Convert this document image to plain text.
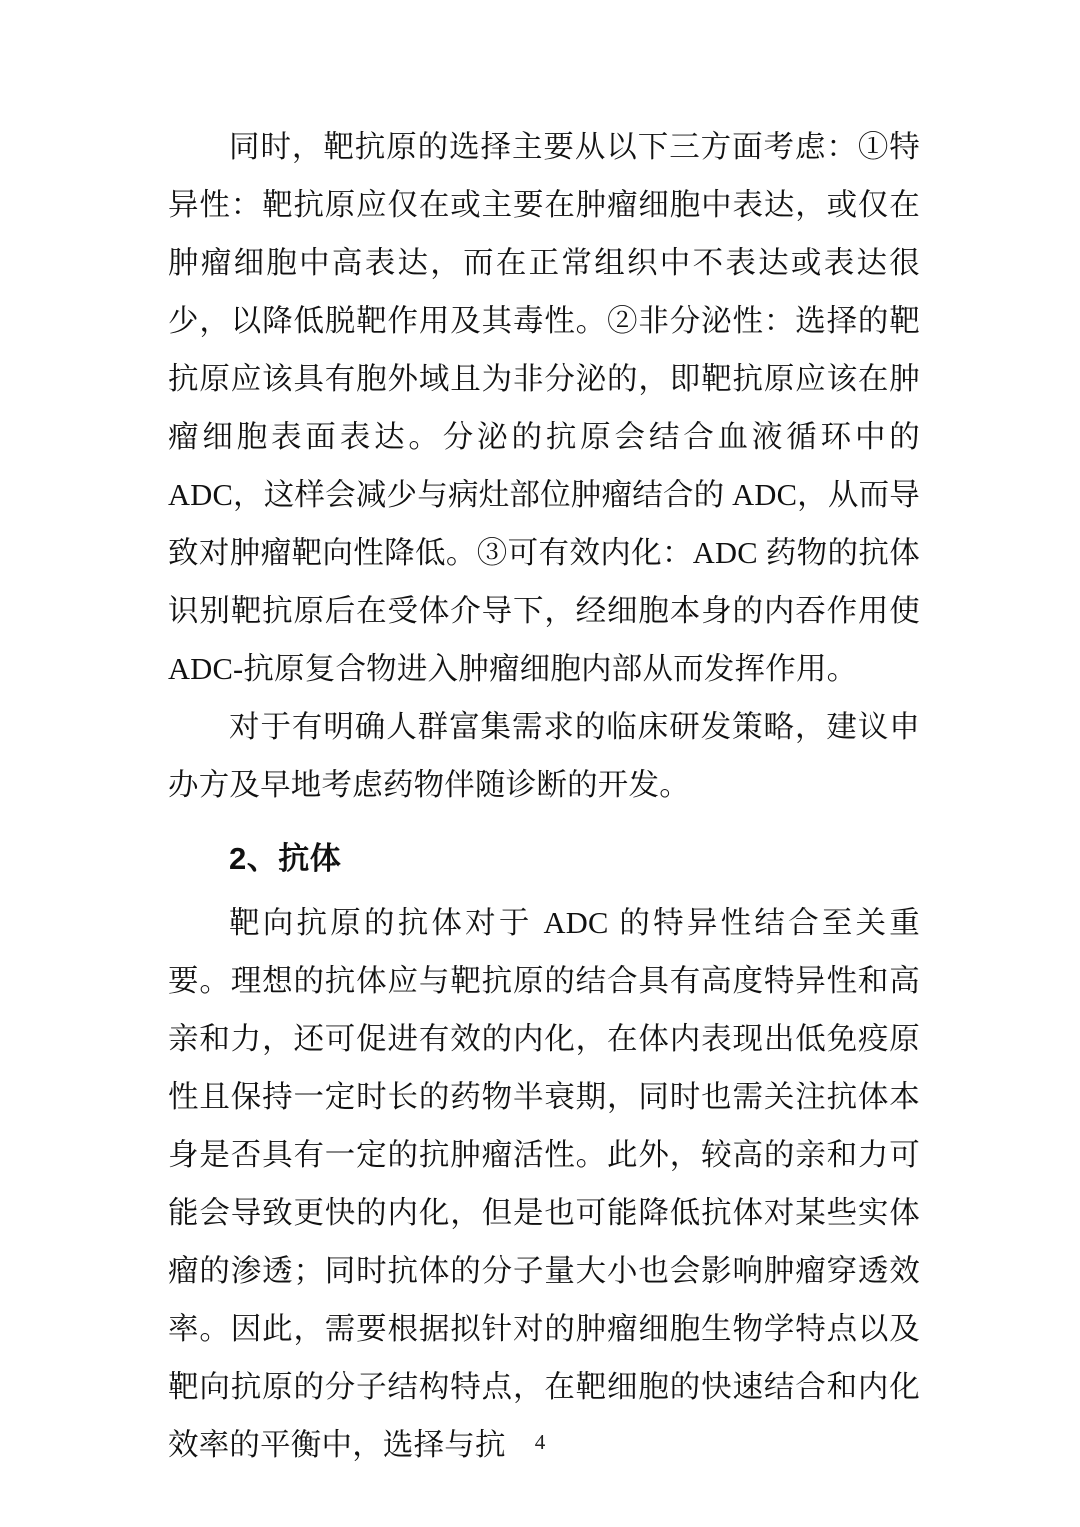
同时，靶抗原的选择主要从以下三方面考虑：①特异性：靶抗原应仅在或主要在肿瘤细胞中表达，或仅在肿瘤细胞中高表达，而在正常组织中不表达或表达很少，以降低脱靶作用及其毒性。②非分泌性：选择的靶抗原应该具有胞外域且为非分泌的，即靶抗原应该在肿瘤细胞表面表达。分泌的抗原会结合血液循环中的 ADC，这样会减少与病灶部位肿瘤结合的 ADC，从而导致对肿瘤靶向性降低。③可有效内化：ADC 药物的抗体识别靶抗原后在受体介导下，经细胞本身的内吞作用使 ADC-抗原复合物进入肿瘤细胞内部从而发挥作用。

对于有明确人群富集需求的临床研发策略，建议申办方及早地考虑药物伴随诊断的开发。

2、抗体

靶向抗原的抗体对于 ADC 的特异性结合至关重要。理想的抗体应与靶抗原的结合具有高度特异性和高亲和力，还可促进有效的内化，在体内表现出低免疫原性且保持一定时长的药物半衰期，同时也需关注抗体本身是否具有一定的抗肿瘤活性。此外，较高的亲和力可能会导致更快的内化，但是也可能降低抗体对某些实体瘤的渗透；同时抗体的分子量大小也会影响肿瘤穿透效率。因此，需要根据拟针对的肿瘤细胞生物学特点以及靶向抗原的分子结构特点，在靶细胞的快速结合和内化效率的平衡中，选择与抗	4
